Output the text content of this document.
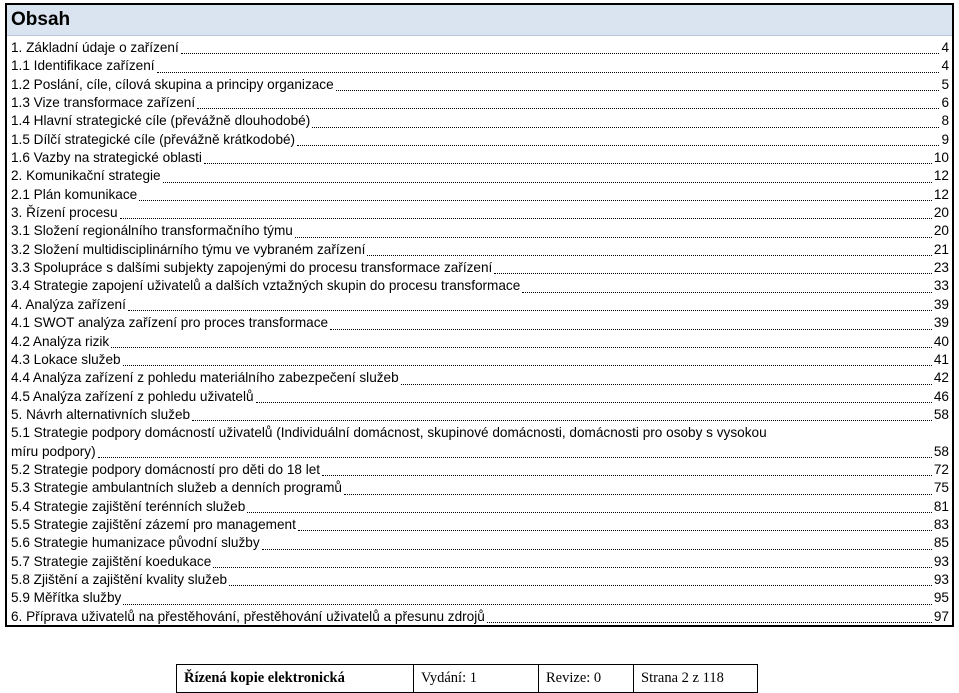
Obsah
1. Základní údaje o zařízení	4
1.1 Identifikace zařízení	4
1.2 Poslání, cíle, cílová skupina a principy organizace	5
1.3 Vize transformace zařízení	6
1.4 Hlavní strategické cíle (převážně dlouhodobé)	8
1.5 Dílčí strategické cíle (převážně krátkodobé)	9
1.6 Vazby na strategické oblasti	10
2. Komunikační strategie	12
2.1 Plán komunikace	12
3. Řízení procesu	20
3.1 Složení regionálního transformačního týmu	20
3.2 Složení multidisciplinárního týmu ve vybraném zařízení	21
3.3 Spolupráce s dalšími subjekty zapojenými do procesu transformace zařízení	23
3.4 Strategie zapojení uživatelů a dalších vztažných skupin do procesu transformace	33
4. Analýza zařízení	39
4.1 SWOT analýza zařízení pro proces transformace	39
4.2 Analýza rizik	40
4.3 Lokace služeb	41
4.4 Analýza zařízení z pohledu materiálního zabezpečení služeb	42
4.5 Analýza zařízení z pohledu uživatelů	46
5. Návrh alternativních služeb	58
5.1 Strategie podpory domácností uživatelů (Individuální domácnost, skupinové domácnosti, domácnosti pro osoby s vysokou
míru podpory)	58
5.2 Strategie podpory domácností pro děti do 18 let	72
5.3 Strategie ambulantních služeb a denních programů	75
5.4 Strategie zajištění terénních služeb	81
5.5 Strategie zajištění zázemí pro management	83
5.6 Strategie humanizace původní služby	85
5.7 Strategie zajištění koedukace	93
5.8 Zjištění a zajištění kvality služeb	93
5.9 Měřítka služby	95
6. Příprava uživatelů na přestěhování, přestěhování uživatelů a přesunu zdrojů	97
Řízená kopie elektronická	Vydání: 1	Revize: 0	Strana 2 z 118
